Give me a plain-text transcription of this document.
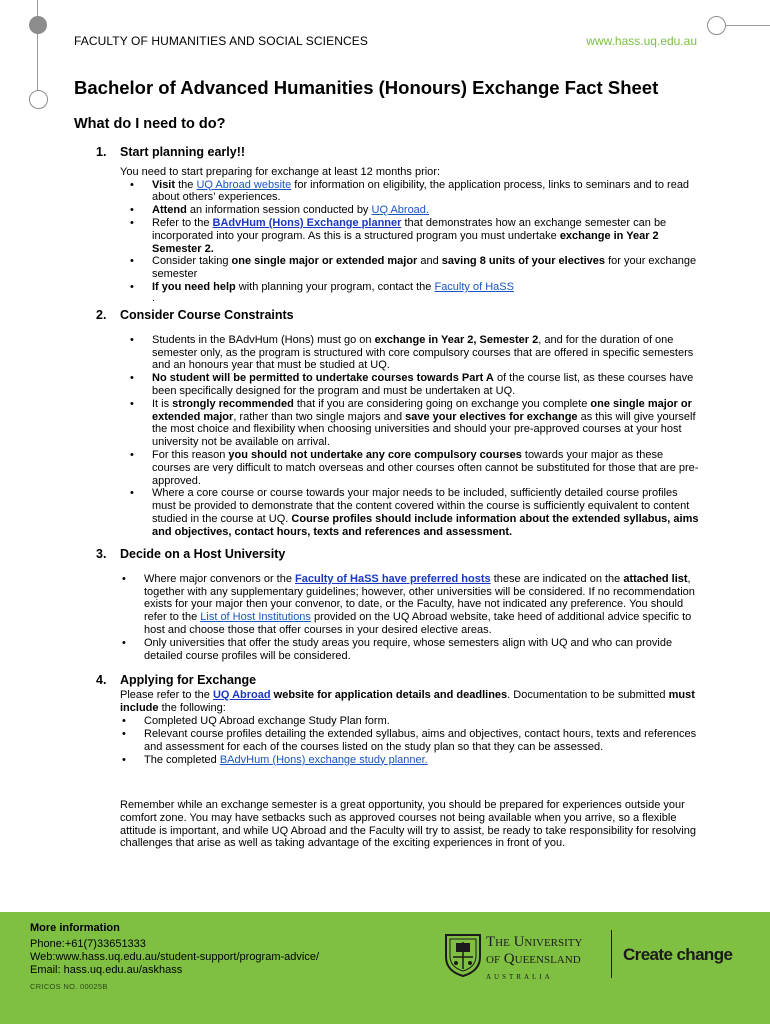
FACULTY OF HUMANITIES AND SOCIAL SCIENCES	www.hass.uq.edu.au
Bachelor of Advanced Humanities (Honours) Exchange Fact Sheet
What do I need to do?
1. Start planning early!!
You need to start preparing for exchange at least 12 months prior:
• Visit the UQ Abroad website for information on eligibility, the application process, links to seminars and to read about others’ experiences.
• Attend an information session conducted by UQ Abroad.
• Refer to the BAdvHum (Hons) Exchange planner that demonstrates how an exchange semester can be incorporated into your program. As this is a structured program you must undertake exchange in Year 2 Semester 2.
• Consider taking one single major or extended major and saving 8 units of your electives for your exchange semester
• If you need help with planning your program, contact the Faculty of HaSS
.
2. Consider Course Constraints
• Students in the BAdvHum (Hons) must go on exchange in Year 2, Semester 2, and for the duration of one semester only, as the program is structured with core compulsory courses that are offered in specific semesters and an honours year that must be studied at UQ.
• No student will be permitted to undertake courses towards Part A of the course list, as these courses have been specifically designed for the program and must be undertaken at UQ.
• It is strongly recommended that if you are considering going on exchange you complete one single major or extended major, rather than two single majors and save your electives for exchange as this will give yourself the most choice and flexibility when choosing universities and should your pre-approved courses at your host university not be available on arrival.
• For this reason you should not undertake any core compulsory courses towards your major as these courses are very difficult to match overseas and other courses often cannot be substituted for those that are pre-approved.
• Where a core course or course towards your major needs to be included, sufficiently detailed course profiles must be provided to demonstrate that the content covered within the course is sufficiently equivalent to content studied in the course at UQ. Course profiles should include information about the extended syllabus, aims and objectives, contact hours, texts and references and assessment.
3. Decide on a Host University
• Where major convenors or the Faculty of HaSS have preferred hosts these are indicated on the attached list, together with any supplementary guidelines; however, other universities will be considered. If no recommendation exists for your major then your convenor, to date, or the Faculty, have not indicated any preference. You should refer to the List of Host Institutions provided on the UQ Abroad website, take heed of additional advice specific to host and choose those that offer courses in your desired elective areas.
• Only universities that offer the study areas you require, whose semesters align with UQ and who can provide detailed course profiles will be considered.
4. Applying for Exchange
Please refer to the UQ Abroad website for application details and deadlines. Documentation to be submitted must include the following:
• Completed UQ Abroad exchange Study Plan form.
• Relevant course profiles detailing the extended syllabus, aims and objectives, contact hours, texts and references and assessment for each of the courses listed on the study plan so that they can be assessed.
• The completed BAdvHum (Hons) exchange study planner.
Remember while an exchange semester is a great opportunity, you should be prepared for experiences outside your comfort zone. You may have setbacks such as approved courses not being available when you arrive, so a flexible attitude is important, and while UQ Abroad and the Faculty will try to assist, be ready to take responsibility for resolving challenges that arise as well as taking advantage of the exciting experiences in front of you.
More information
Phone:+61(7)33651333
Web:www.hass.uq.edu.au/student-support/program-advice/
Email: hass.uq.edu.au/askhass
CRICOS NO. 00025B
The University
of Queensland
AUSTRALIA
Create change
